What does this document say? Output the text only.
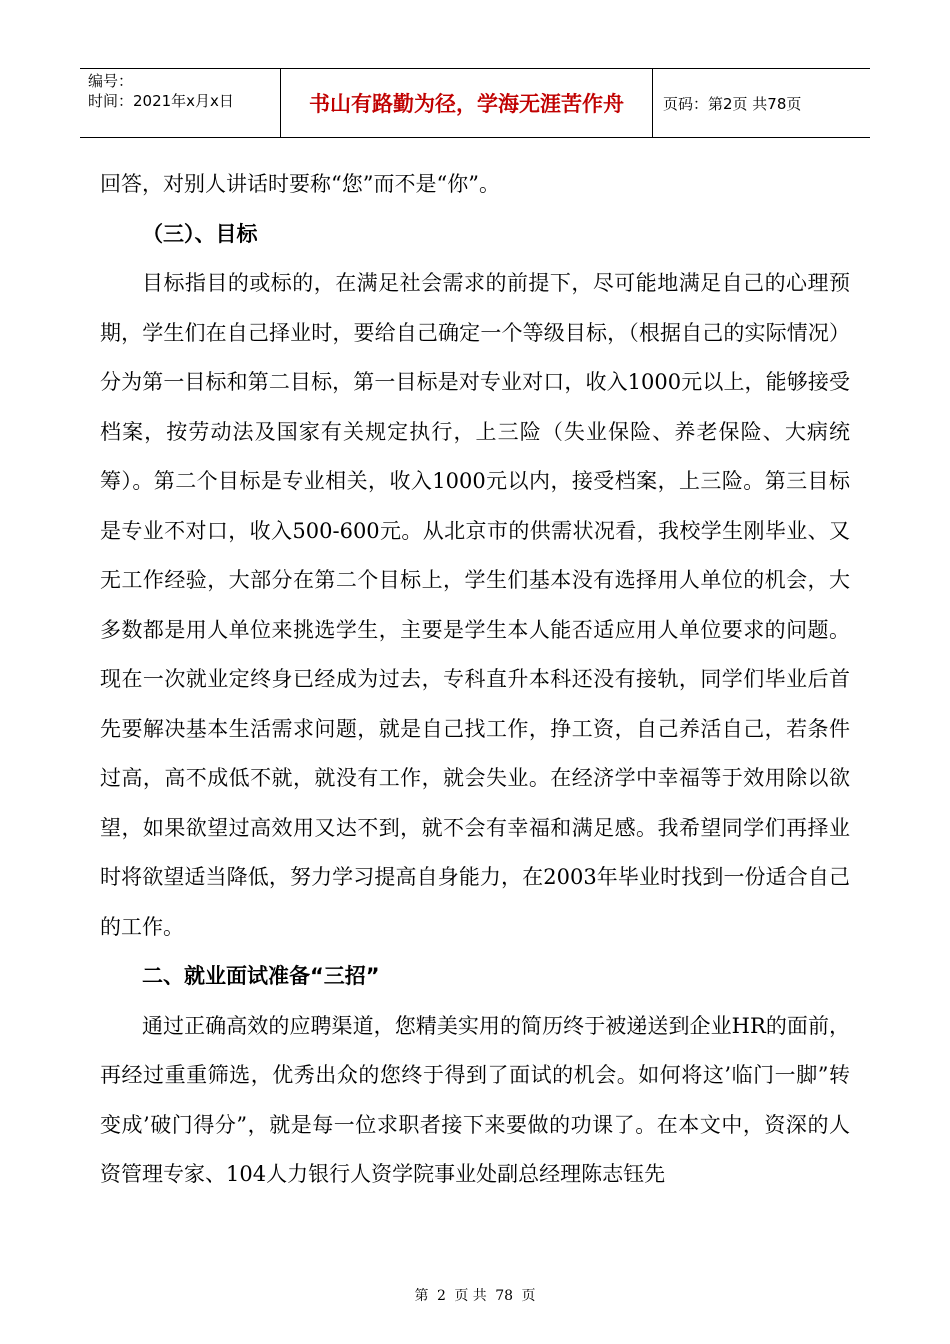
编号：
时间：2021年x月x日	书山有路勤为径，学海无涯苦作舟	页码：第2页 共78页

回答，对别人讲话时要称“您”而不是“你”。

（三）、目标

目标指目的或标的，在满足社会需求的前提下，尽可能地满足自己的心理预期，学生们在自己择业时，要给自己确定一个等级目标，（根据自己的实际情况）分为第一目标和第二目标，第一目标是对专业对口，收入1000元以上，能够接受档案，按劳动法及国家有关规定执行，上三险（失业保险、养老保险、大病统筹）。第二个目标是专业相关，收入1000元以内，接受档案，上三险。第三目标是专业不对口，收入500-600元。从北京市的供需状况看，我校学生刚毕业、又无工作经验，大部分在第二个目标上，学生们基本没有选择用人单位的机会，大多数都是用人单位来挑选学生，主要是学生本人能否适应用人单位要求的问题。现在一次就业定终身已经成为过去，专科直升本科还没有接轨，同学们毕业后首先要解决基本生活需求问题，就是自己找工作，挣工资，自己养活自己，若条件过高，高不成低不就，就没有工作，就会失业。在经济学中幸福等于效用除以欲望，如果欲望过高效用又达不到，就不会有幸福和满足感。我希望同学们再择业时将欲望适当降低，努力学习提高自身能力，在2003年毕业时找到一份适合自己的工作。

二、就业面试准备“三招”

通过正确高效的应聘渠道，您精美实用的简历终于被递送到企业HR的面前，再经过重重筛选，优秀出众的您终于得到了面试的机会。如何将这’临门一脚”转变成’破门得分”，就是每一位求职者接下来要做的功课了。在本文中，资深的人资管理专家、104人力银行人资学院事业处副总经理陈志钰先

第 2 页 共 78 页
